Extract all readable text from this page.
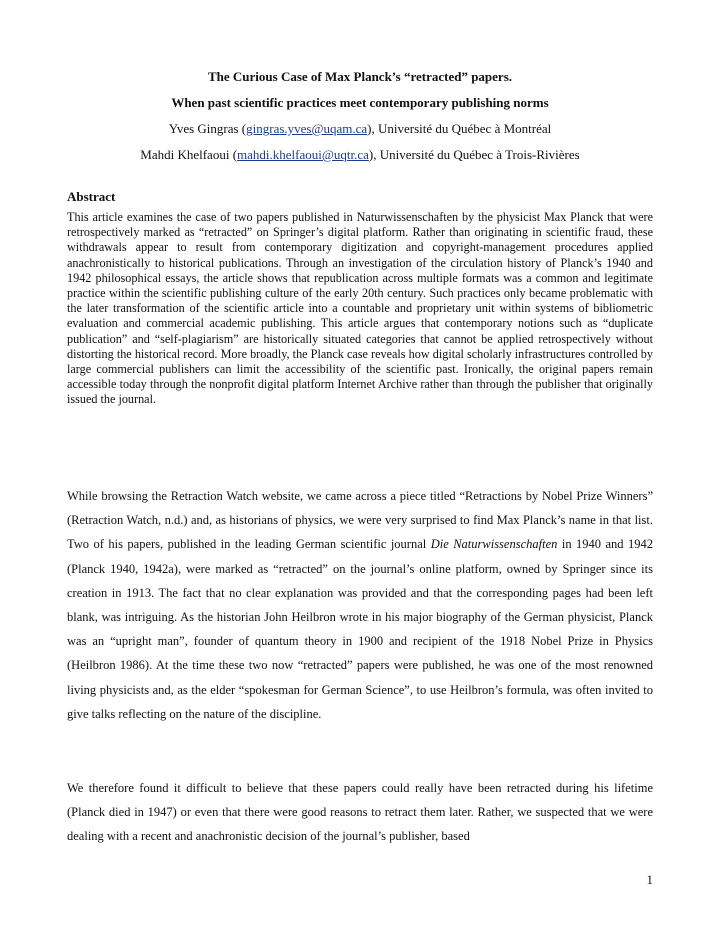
The Curious Case of Max Planck’s “retracted” papers.
When past scientific practices meet contemporary publishing norms
Yves Gingras (gingras.yves@uqam.ca), Université du Québec à Montréal
Mahdi Khelfaoui (mahdi.khelfaoui@uqtr.ca), Université du Québec à Trois-Rivières
Abstract

This article examines the case of two papers published in Naturwissenschaften by the physicist Max Planck that were retrospectively marked as “retracted” on Springer’s digital platform. Rather than originating in scientific fraud, these withdrawals appear to result from contemporary digitization and copyright-management procedures applied anachronistically to historical publications. Through an investigation of the circulation history of Planck’s 1940 and 1942 philosophical essays, the article shows that republication across multiple formats was a common and legitimate practice within the scientific publishing culture of the early 20th century. Such practices only became problematic with the later transformation of the scientific article into a countable and proprietary unit within systems of bibliometric evaluation and commercial academic publishing. This article argues that contemporary notions such as “duplicate publication” and “self-plagiarism” are historically situated categories that cannot be applied retrospectively without distorting the historical record. More broadly, the Planck case reveals how digital scholarly infrastructures controlled by large commercial publishers can limit the accessibility of the scientific past. Ironically, the original papers remain accessible today through the nonprofit digital platform Internet Archive rather than through the publisher that originally issued the journal.

While browsing the Retraction Watch website, we came across a piece titled “Retractions by Nobel Prize Winners” (Retraction Watch, n.d.) and, as historians of physics, we were very surprised to find Max Planck’s name in that list. Two of his papers, published in the leading German scientific journal Die Naturwissenschaften in 1940 and 1942 (Planck 1940, 1942a), were marked as “retracted” on the journal’s online platform, owned by Springer since its creation in 1913. The fact that no clear explanation was provided and that the corresponding pages had been left blank, was intriguing. As the historian John Heilbron wrote in his major biography of the German physicist, Planck was an “upright man”, founder of quantum theory in 1900 and recipient of the 1918 Nobel Prize in Physics (Heilbron 1986). At the time these two now “retracted” papers were published, he was one of the most renowned living physicists and, as the elder “spokesman for German Science”, to use Heilbron’s formula, was often invited to give talks reflecting on the nature of the discipline.

We therefore found it difficult to believe that these papers could really have been retracted during his lifetime (Planck died in 1947) or even that there were good reasons to retract them later. Rather, we suspected that we were dealing with a recent and anachronistic decision of the journal’s publisher, based

1
